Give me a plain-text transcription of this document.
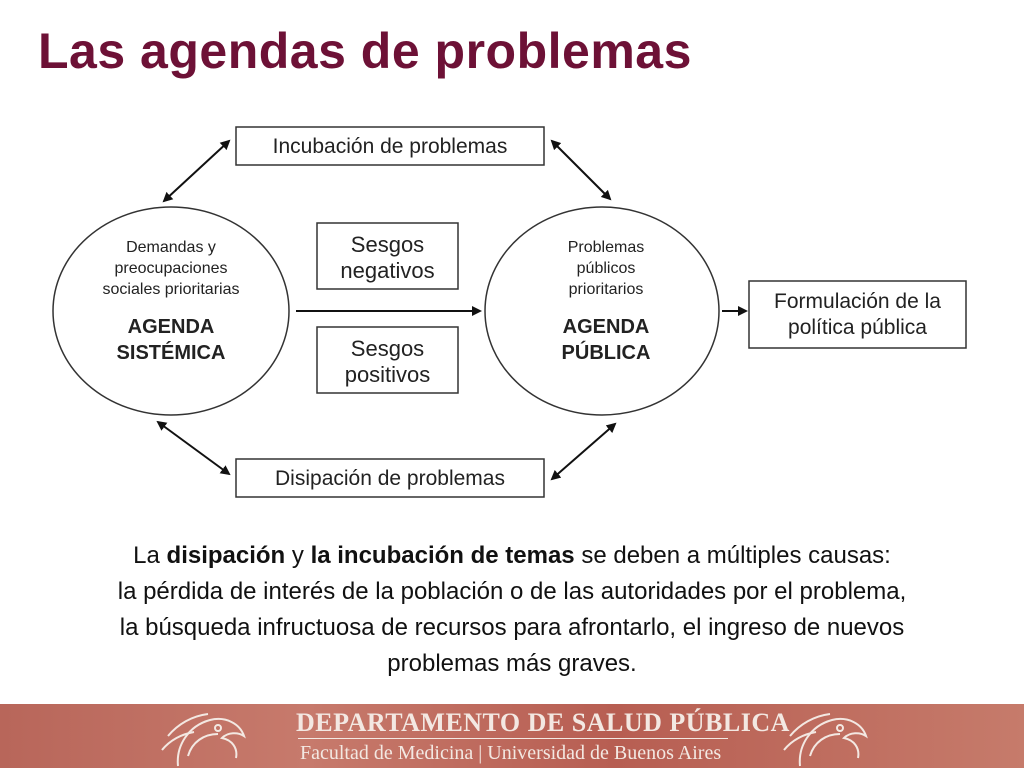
Las agendas de problemas
Incubación de problemas
Disipación de problemas
Sesgos
negativos
Sesgos
positivos
Formulación de la
política pública
Demandas y
preocupaciones
sociales prioritarias
AGENDA
SISTÉMICA
Problemas
públicos
prioritarios
AGENDA
PÚBLICA
La disipación y la incubación de temas se deben a múltiples causas:
la pérdida de interés de la población o de las autoridades por el problema,
la búsqueda infructuosa de recursos para afrontarlo, el ingreso de nuevos
problemas más graves.
DEPARTAMENTO DE SALUD PÚBLICA
Facultad de Medicina | Universidad de Buenos Aires
